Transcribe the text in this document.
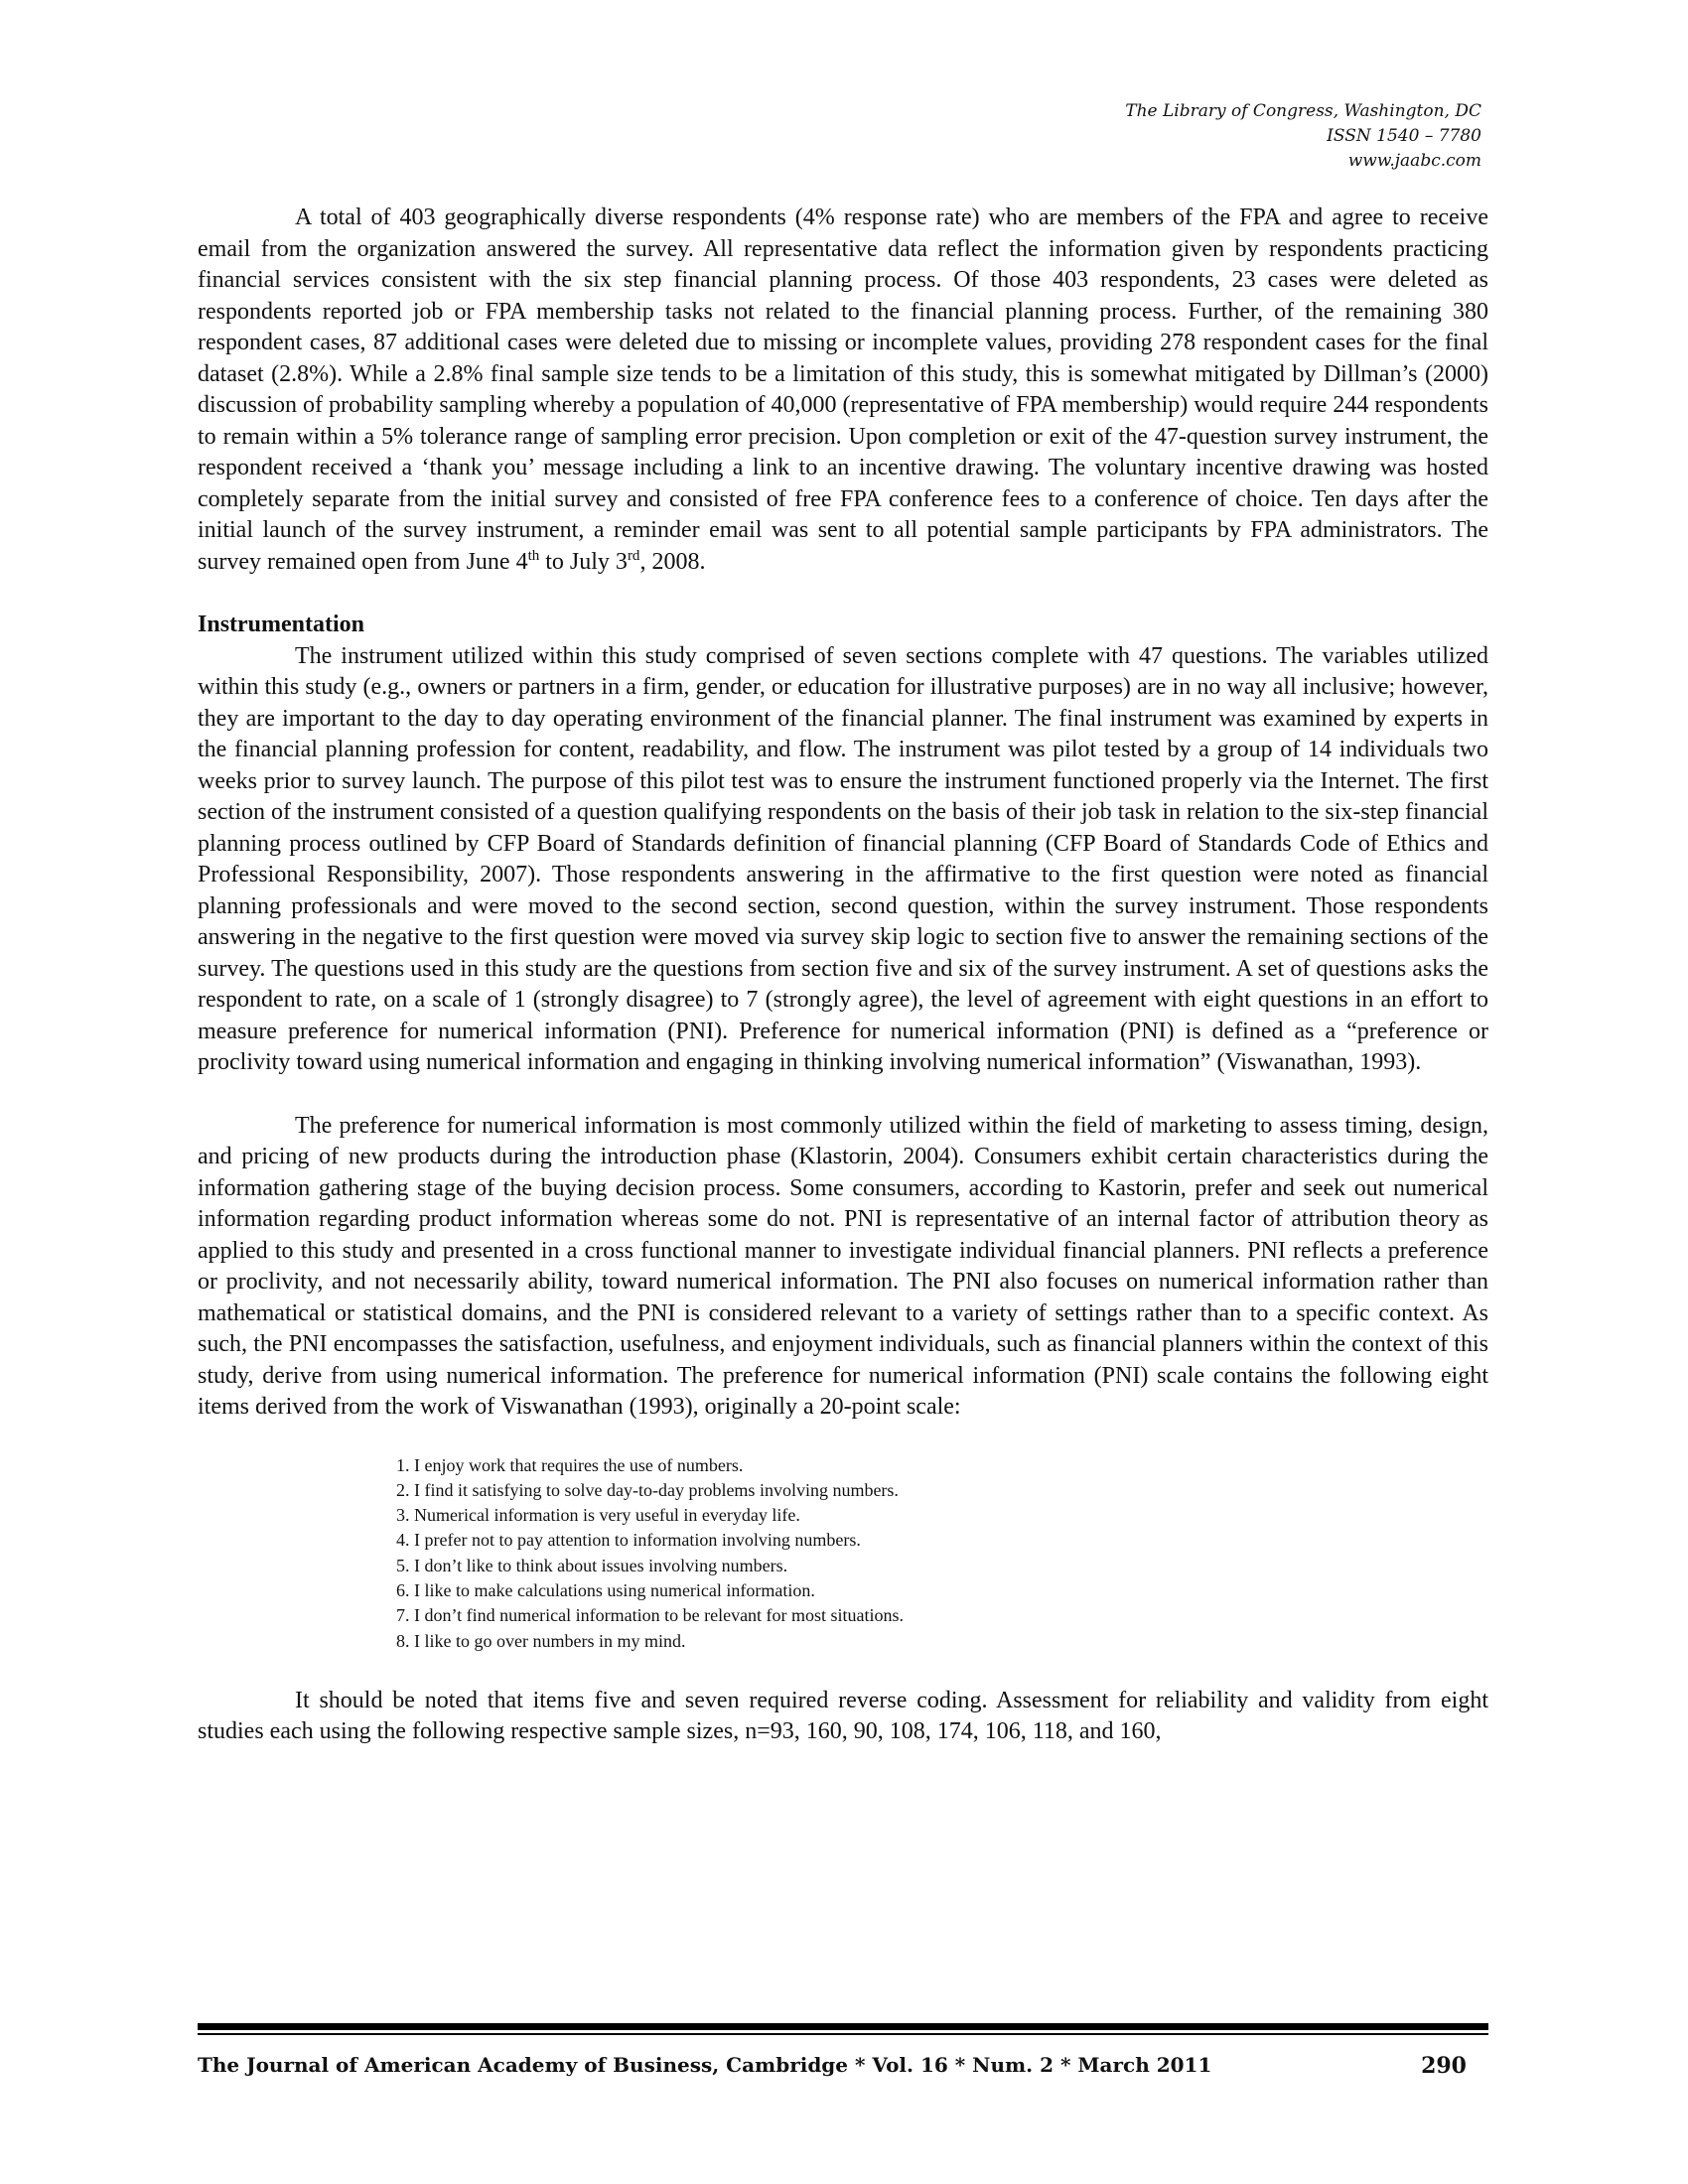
The Library of Congress, Washington, DC
ISSN 1540 – 7780
www.jaabc.com

A total of 403 geographically diverse respondents (4% response rate) who are members of the FPA and agree to receive email from the organization answered the survey. All representative data reflect the information given by respondents practicing financial services consistent with the six step financial planning process. Of those 403 respondents, 23 cases were deleted as respondents reported job or FPA membership tasks not related to the financial planning process. Further, of the remaining 380 respondent cases, 87 additional cases were deleted due to missing or incomplete values, providing 278 respondent cases for the final dataset (2.8%). While a 2.8% final sample size tends to be a limitation of this study, this is somewhat mitigated by Dillman’s (2000) discussion of probability sampling whereby a population of 40,000 (representative of FPA membership) would require 244 respondents to remain within a 5% tolerance range of sampling error precision. Upon completion or exit of the 47-question survey instrument, the respondent received a ‘thank you’ message including a link to an incentive drawing. The voluntary incentive drawing was hosted completely separate from the initial survey and consisted of free FPA conference fees to a conference of choice. Ten days after the initial launch of the survey instrument, a reminder email was sent to all potential sample participants by FPA administrators. The survey remained open from June 4th to July 3rd, 2008.

Instrumentation

The instrument utilized within this study comprised of seven sections complete with 47 questions. The variables utilized within this study (e.g., owners or partners in a firm, gender, or education for illustrative purposes) are in no way all inclusive; however, they are important to the day to day operating environment of the financial planner. The final instrument was examined by experts in the financial planning profession for content, readability, and flow. The instrument was pilot tested by a group of 14 individuals two weeks prior to survey launch. The purpose of this pilot test was to ensure the instrument functioned properly via the Internet. The first section of the instrument consisted of a question qualifying respondents on the basis of their job task in relation to the six-step financial planning process outlined by CFP Board of Standards definition of financial planning (CFP Board of Standards Code of Ethics and Professional Responsibility, 2007). Those respondents answering in the affirmative to the first question were noted as financial planning professionals and were moved to the second section, second question, within the survey instrument. Those respondents answering in the negative to the first question were moved via survey skip logic to section five to answer the remaining sections of the survey. The questions used in this study are the questions from section five and six of the survey instrument. A set of questions asks the respondent to rate, on a scale of 1 (strongly disagree) to 7 (strongly agree), the level of agreement with eight questions in an effort to measure preference for numerical information (PNI). Preference for numerical information (PNI) is defined as a “preference or proclivity toward using numerical information and engaging in thinking involving numerical information” (Viswanathan, 1993).

The preference for numerical information is most commonly utilized within the field of marketing to assess timing, design, and pricing of new products during the introduction phase (Klastorin, 2004). Consumers exhibit certain characteristics during the information gathering stage of the buying decision process. Some consumers, according to Kastorin, prefer and seek out numerical information regarding product information whereas some do not. PNI is representative of an internal factor of attribution theory as applied to this study and presented in a cross functional manner to investigate individual financial planners. PNI reflects a preference or proclivity, and not necessarily ability, toward numerical information. The PNI also focuses on numerical information rather than mathematical or statistical domains, and the PNI is considered relevant to a variety of settings rather than to a specific context. As such, the PNI encompasses the satisfaction, usefulness, and enjoyment individuals, such as financial planners within the context of this study, derive from using numerical information. The preference for numerical information (PNI) scale contains the following eight items derived from the work of Viswanathan (1993), originally a 20-point scale:

1. I enjoy work that requires the use of numbers.
2. I find it satisfying to solve day-to-day problems involving numbers.
3. Numerical information is very useful in everyday life.
4. I prefer not to pay attention to information involving numbers.
5. I don’t like to think about issues involving numbers.
6. I like to make calculations using numerical information.
7. I don’t find numerical information to be relevant for most situations.
8. I like to go over numbers in my mind.

It should be noted that items five and seven required reverse coding. Assessment for reliability and validity from eight studies each using the following respective sample sizes, n=93, 160, 90, 108, 174, 106, 118, and 160,

The Journal of American Academy of Business, Cambridge * Vol. 16 * Num. 2 * March 2011	290
